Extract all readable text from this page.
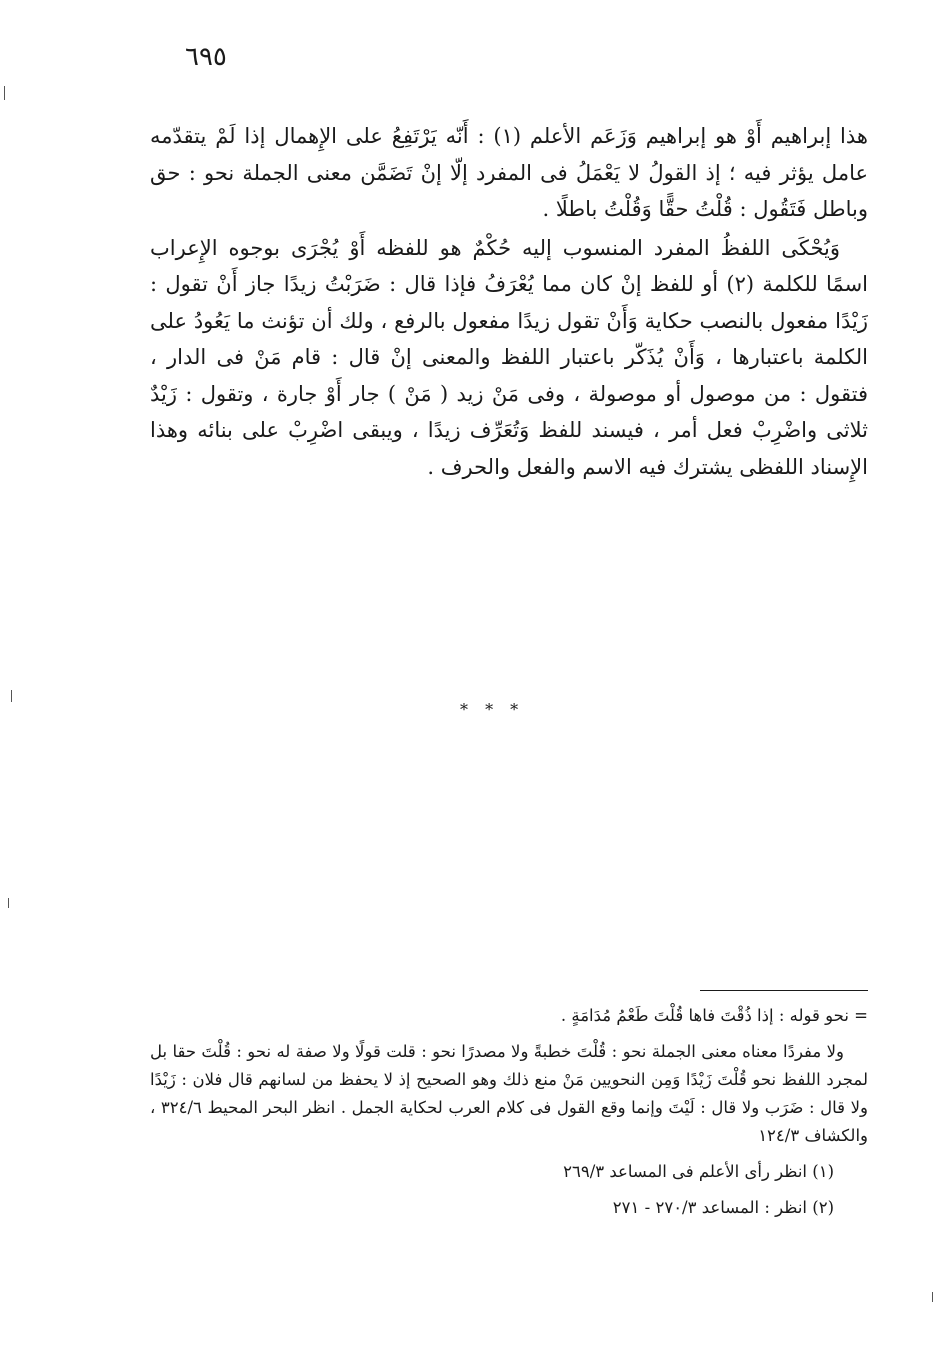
٦٩٥

هذا إبراهيم أَوْ هو إبراهيم وَزَعَم الأعلم (١) : أَنّه يَرْتَفِعُ على الإِهمال إذا لَمْ يتقدّمه عامل يؤثر فيه ؛ إذ القولُ لا يَعْمَلُ فى المفرد إلّا إنْ تَضَمَّن معنى الجملة نحو : حق وباطل فَتَقُول : قُلْتُ حقًّا وَقُلْتُ باطلًا .

وَيُحْكَى اللفظُ المفرد المنسوب إليه حُكْمٌ هو للفظه أَوْ يُجْرَى بوجوه الإِعراب اسمًا للكلمة (٢) أو للفظ إنْ كان مما يُعْرَفُ فإذا قال : ضَرَبْتُ زيدًا جاز أَنْ تقول : زَيْدًا مفعول بالنصب حكاية وَأَنْ تقول زيدًا مفعول بالرفع ، ولك أن تؤنث ما يَعُودُ على الكلمة باعتبارها ، وَأَنْ يُذَكّر باعتبار اللفظ والمعنى إنْ قال : قام مَنْ فى الدار ، فتقول : من موصول أو موصولة ، وفى مَنْ زيد ( مَنْ ) جار أَوْ جارة ، وتقول : زَيْدٌ ثلاثى واضْرِبْ فعل أمر ، فيسند للفظ وَتُعَرِّف زيدًا ، ويبقى اضْرِبْ على بنائه وهذا الإِسناد اللفظى يشترك فيه الاسم والفعل والحرف .

* * *

= نحو قوله : إذا ذُقْتَ فاها قُلْتَ طَعْمُ مُدَامَةٍ .

ولا مفردًا معناه معنى الجملة نحو : قُلْتَ خطبةً ولا مصدرًا نحو : قلت قولًا ولا صفة له نحو : قُلْتَ حقا بل لمجرد اللفظ نحو قُلْتَ زَيْدًا وَمِن النحويين مَنْ منع ذلك وهو الصحيح إذ لا يحفظ من لسانهم قال فلان : زَيْدًا ولا قال : ضَرَب ولا قال : لَيْتَ وإنما وقع القول فى كلام العرب لحكاية الجمل . انظر البحر المحيط ٣٢٤/٦ ، والكشاف ١٢٤/٣

(١) انظر رأى الأعلم فى المساعد ٢٦٩/٣

(٢) انظر : المساعد ٢٧٠/٣ - ٢٧١
